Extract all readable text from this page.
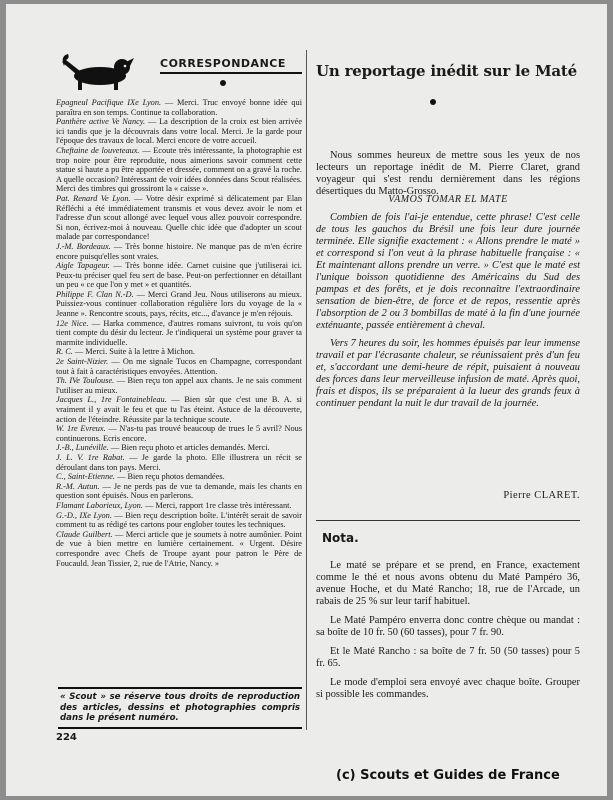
CORRESPONDANCE

Epagneul Pacifique IXe Lyon. — Merci. Truc envoyé bonne idée qui paraîtra en son temps. Continue ta collaboration.

Panthère active Ve Nancy. — La description de la croix est bien arrivée ici tandis que je la découvrais dans votre local. Merci. Je la garde pour l'époque des travaux de local. Merci encore de votre accueil.

Cheftaine de louveteaux. — Ecoute très intéressante, la photographie est trop noire pour être reproduite, nous aimerions savoir comment cette statue si haute a pu être apportée et dressée, comment on a gravé la roche. A quelle occasion? Intéressant de voir idées données dans Scout réalisées. Merci des timbres qui grossiront la « caisse ».

Pat. Renard Ve Lyon. — Votre désir exprimé si délicatement par Elan Réfléchi a été immédiatement transmis et vous devez avoir le nom et l'adresse d'un scout allongé avec lequel vous allez pouvoir correspondre. Si non, écrivez-moi à nouveau. Quelle chic idée que d'adopter un scout malade par correspondance!

J.-M. Bordeaux. — Très bonne histoire. Ne manque pas de m'en écrire encore puisqu'elles sont vraies.

Aigle Tapageur. — Très bonne idée. Carnet cuisine que j'utiliserai ici. Peux-tu préciser quel feu sert de base. Peut-on perfectionner en détaillant un peu « ce que l'on y met » et quantités.

Philippe F. Clan N.-D. — Merci Grand Jeu. Nous utiliserons au mieux. Puissiez-vous continuer collaboration régulière lors du voyage de la « Jeanne ». Rencontre scouts, pays, récits, etc..., d'avance je m'en réjouis.

12e Nice. — Harka commence, d'autres romans suivront, tu vois qu'on tient compte du désir du lecteur. Je t'indiquerai un système pour graver ta marmite individuelle.

R. C. — Merci. Suite à la lettre à Michon.

2e Saint-Nizier. — On me signale Tucos en Champagne, correspondant tout à fait à caractéristiques envoyées. Attention.

Th. IVe Toulouse. — Bien reçu ton appel aux chants. Je ne sais comment l'utiliser au mieux.

Jacques L., 1re Fontainebleau. — Bien sûr que c'est une B. A. si vraiment il y avait le feu et que tu l'as éteint. Astuce de la découverte, action de l'éteindre. Réussite par la technique scoute.

W. 1re Evreux. — N'as-tu pas trouvé beaucoup de trues le 5 avril? Nous continuerons. Ecris encore.

J.-B., Lunéville. — Bien reçu photo et articles demandés. Merci.

J. L. V. 1re Rabat. — Je garde la photo. Elle illustrera un récit se déroulant dans ton pays. Merci.

C., Saint-Etienne. — Bien reçu photos demandées.

R.-M. Autun. — Je ne perds pas de vue ta demande, mais les chants en question sont épuisés. Nous en parlerons.

Flamant Laborieux, Lyon. — Merci, rapport 1re classe très intéressant.

G.-D., IXe Lyon. — Bien reçu description boîte. L'intérêt serait de savoir comment tu as rédigé tes cartons pour englober toutes les techniques.

Claude Guilbert. — Merci article que je soumets à notre aumônier. Point de vue à bien mettre en lumière certainement. « Urgent. Désire correspondre avec Chefs de Troupe ayant pour patron le Père de Foucauld. Jean Tissier, 2, rue de l'Atrie, Nancy. »

« Scout » se réserve tous droits de reproduction des articles, dessins et photographies compris dans le présent numéro.
224
Un reportage inédit sur le Maté
Nous sommes heureux de mettre sous les yeux de nos lecteurs un reportage inédit de M. Pierre Claret, grand voyageur qui s'est rendu dernièrement dans les régions désertiques du Matto-Grosso.
VAMOS TOMAR EL MATE

Combien de fois l'ai-je entendue, cette phrase! C'est celle de tous les gauchos du Brésil une fois leur dure journée terminée. Elle signifie exactement : « Allons prendre le maté » et correspond si l'on veut à la phrase habituelle française : « Et maintenant allons prendre un verre. » C'est que le maté est l'unique boisson quotidienne des Américains du Sud des pampas et des forêts, et je dois reconnaître l'extraordinaire sensation de bien-être, de force et de repos, ressentie après l'absorption de 2 ou 3 bombillas de maté à la fin d'une journée exténuante, passée entièrement à cheval.

Vers 7 heures du soir, les hommes épuisés par leur immense travail et par l'écrasante chaleur, se réunissaient près d'un feu et, s'accordant une demi-heure de répit, puisaient à nouveau des forces dans leur merveilleuse infusion de maté. Après quoi, frais et dispos, ils se préparaient à la lueur des grands feux à continuer pendant la nuit le dur travail de la journée.

Pierre CLARET.
Nota.

Le maté se prépare et se prend, en France, exactement comme le thé et nous avons obtenu du Maté Pampéro 36, avenue Hoche, et du Maté Rancho; 18, rue de l'Arcade, un rabais de 25 % sur leur tarif habituel.

Le Maté Pampéro enverra donc contre chèque ou mandat : sa boîte de 10 fr. 50 (60 tasses), pour 7 fr. 90.

Et le Maté Rancho : sa boîte de 7 fr. 50 (50 tasses) pour 5 fr. 65.

Le mode d'emploi sera envoyé avec chaque boîte. Grouper si possible les commandes.

(c) Scouts et Guides de France
